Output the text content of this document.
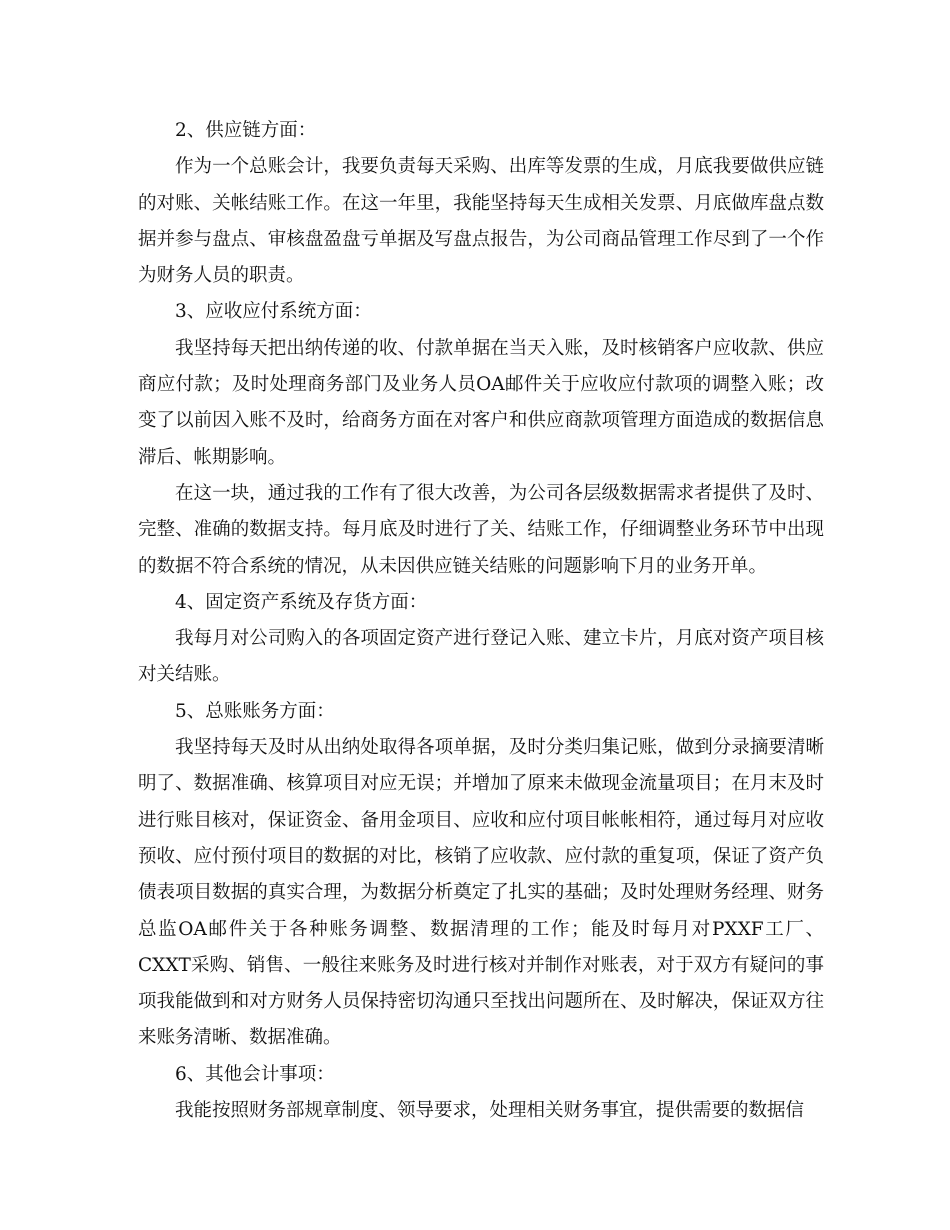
2、供应链方面：

作为一个总账会计，我要负责每天采购、出库等发票的生成，月底我要做供应链的对账、关帐结账工作。在这一年里，我能坚持每天生成相关发票、月底做库盘点数据并参与盘点、审核盘盈盘亏单据及写盘点报告，为公司商品管理工作尽到了一个作为财务人员的职责。

3、应收应付系统方面：

我坚持每天把出纳传递的收、付款单据在当天入账，及时核销客户应收款、供应商应付款；及时处理商务部门及业务人员OA邮件关于应收应付款项的调整入账；改变了以前因入账不及时，给商务方面在对客户和供应商款项管理方面造成的数据信息滞后、帐期影响。

在这一块，通过我的工作有了很大改善，为公司各层级数据需求者提供了及时、完整、准确的数据支持。每月底及时进行了关、结账工作，仔细调整业务环节中出现的数据不符合系统的情况，从未因供应链关结账的问题影响下月的业务开单。

4、固定资产系统及存货方面：

我每月对公司购入的各项固定资产进行登记入账、建立卡片，月底对资产项目核对关结账。

5、总账账务方面：

我坚持每天及时从出纳处取得各项单据，及时分类归集记账，做到分录摘要清晰明了、数据准确、核算项目对应无误；并增加了原来未做现金流量项目；在月末及时进行账目核对，保证资金、备用金项目、应收和应付项目帐帐相符，通过每月对应收预收、应付预付项目的数据的对比，核销了应收款、应付款的重复项，保证了资产负债表项目数据的真实合理，为数据分析奠定了扎实的基础；及时处理财务经理、财务总监OA邮件关于各种账务调整、数据清理的工作；能及时每月对PXXF工厂、CXXT采购、销售、一般往来账务及时进行核对并制作对账表，对于双方有疑问的事项我能做到和对方财务人员保持密切沟通只至找出问题所在、及时解决，保证双方往来账务清晰、数据准确。

6、其他会计事项：

我能按照财务部规章制度、领导要求，处理相关财务事宜，提供需要的数据信
